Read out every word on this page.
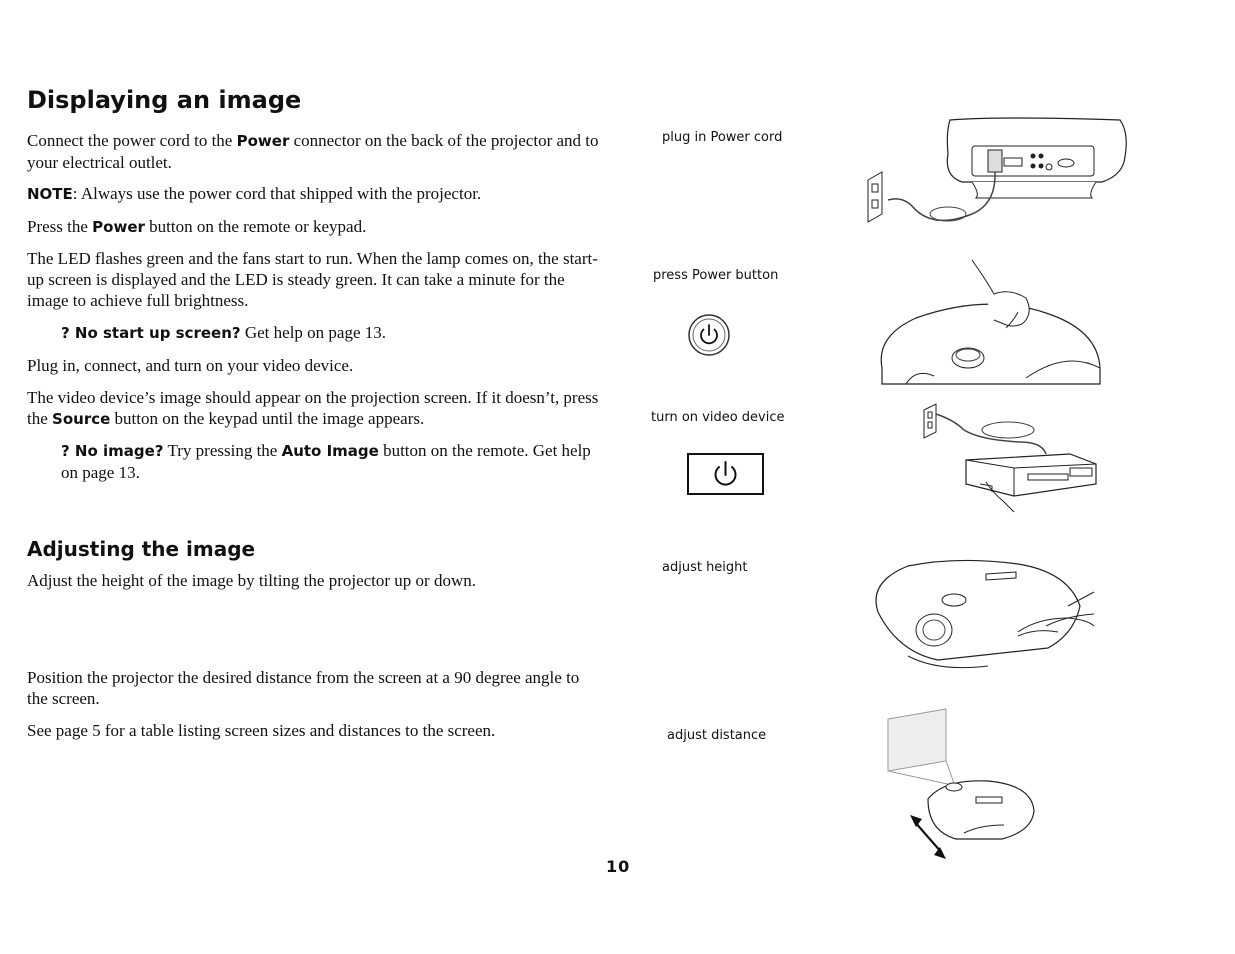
Displaying an image

Connect the power cord to the Power connector on the back of the projector and to your electrical outlet.

NOTE: Always use the power cord that shipped with the projector.

Press the Power button on the remote or keypad.

The LED flashes green and the fans start to run. When the lamp comes on, the start-up screen is displayed and the LED is steady green. It can take a minute for the image to achieve full brightness.

? No start up screen? Get help on page 13.

Plug in, connect, and turn on your video device.

The video device’s image should appear on the projection screen. If it doesn’t, press the Source button on the keypad until the image appears.

? No image? Try pressing the Auto Image button on the remote. Get help on page 13.

Adjusting the image

Adjust the height of the image by tilting the projector up or down.

Position the projector the desired distance from the screen at a 90 degree angle to the screen.

See page 5 for a table listing screen sizes and distances to the screen.

plug in Power cord
press Power button
turn on video device
adjust height
adjust distance
10
